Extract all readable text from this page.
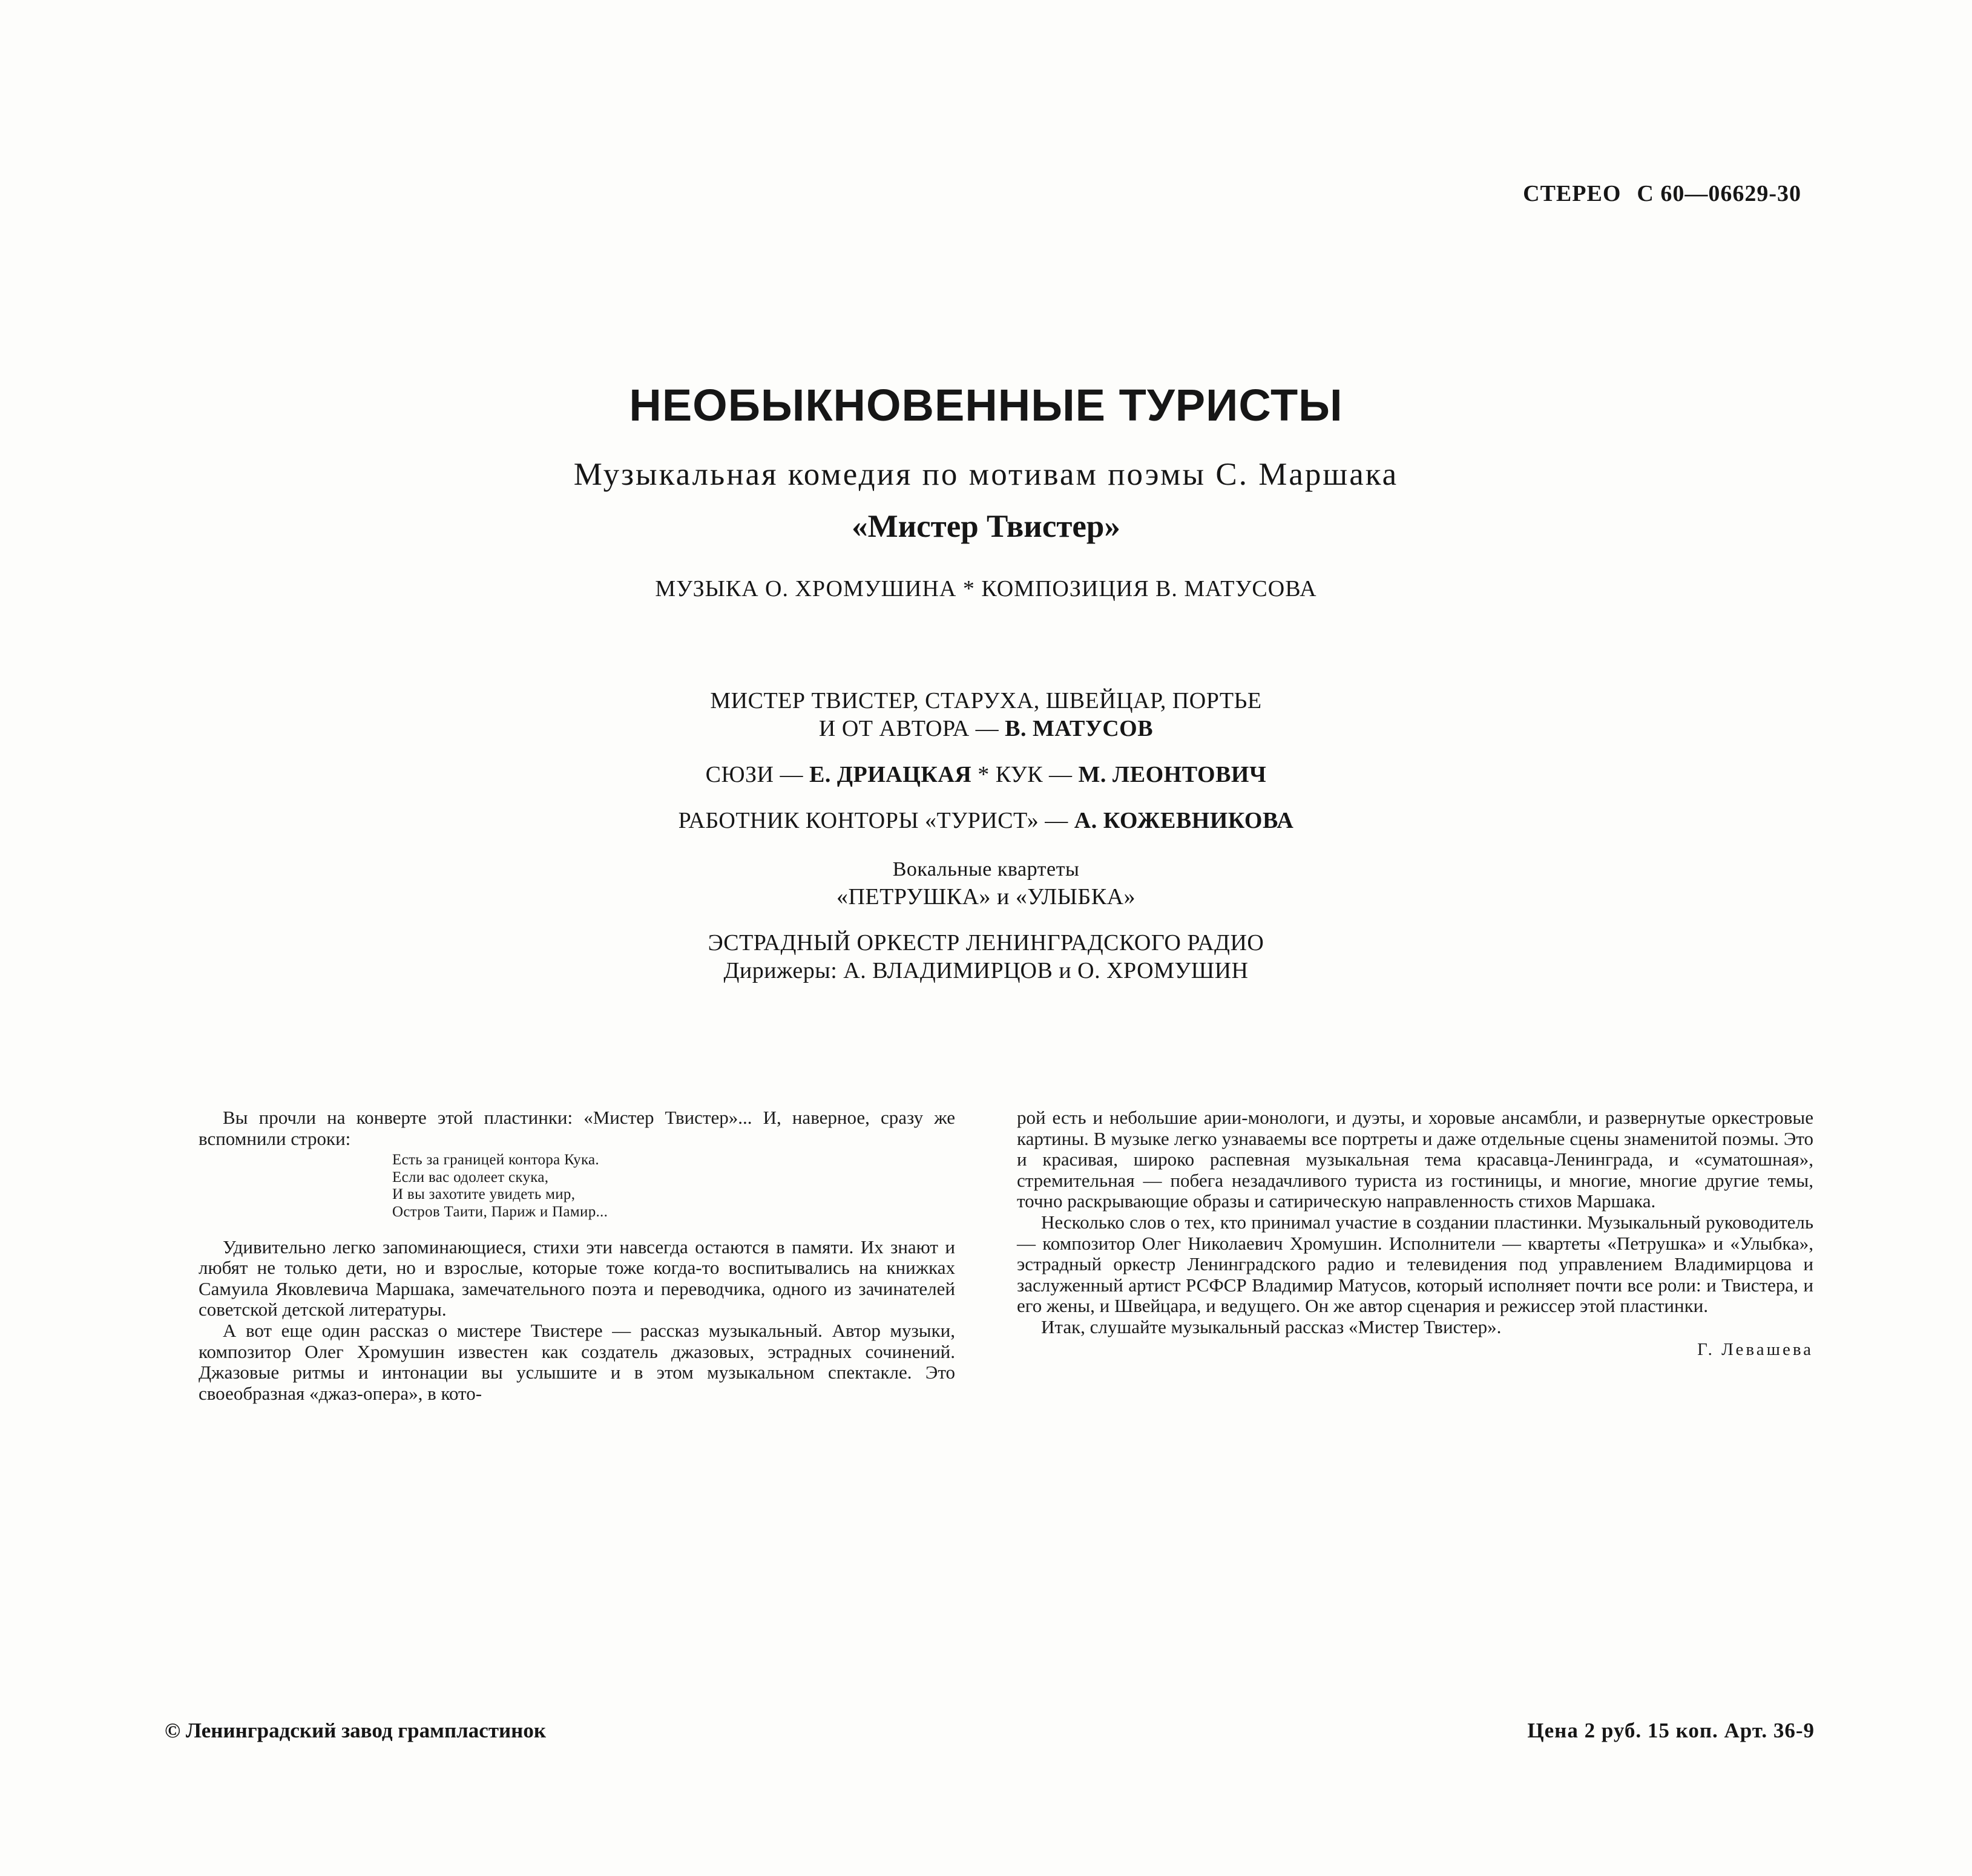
СТЕРЕО С 60—06629-30
НЕОБЫКНОВЕННЫЕ ТУРИСТЫ
Музыкальная комедия по мотивам поэмы С. Маршака
«Мистер Твистер»
МУЗЫКА О. ХРОМУШИНА * КОМПОЗИЦИЯ В. МАТУСОВА
МИСТЕР ТВИСТЕР, СТАРУХА, ШВЕЙЦАР, ПОРТЬЕ
И ОТ АВТОРА — В. МАТУСОВ
СЮЗИ — Е. ДРИАЦКАЯ * КУК — М. ЛЕОНТОВИЧ
РАБОТНИК КОНТОРЫ «ТУРИСТ» — А. КОЖЕВНИКОВА
Вокальные квартеты
«ПЕТРУШКА» и «УЛЫБКА»
ЭСТРАДНЫЙ ОРКЕСТР ЛЕНИНГРАДСКОГО РАДИО
Дирижеры: А. ВЛАДИМИРЦОВ и О. ХРОМУШИН

Вы прочли на конверте этой пластинки: «Мистер Твистер»... И, наверное, сразу же вспомнили строки:

Есть за границей контора Кука.
Если вас одолеет скука,
И вы захотите увидеть мир,
Остров Таити, Париж и Памир...

Удивительно легко запоминающиеся, стихи эти навсегда остаются в памяти. Их знают и любят не только дети, но и взрослые, которые тоже когда-то воспитывались на книжках Самуила Яковлевича Маршака, замечательного поэта и переводчика, одного из зачинателей советской детской литературы.

А вот еще один рассказ о мистере Твистере — рассказ музыкальный. Автор музыки, композитор Олег Хромушин известен как создатель джазовых, эстрадных сочинений. Джазовые ритмы и интонации вы услышите и в этом музыкальном спектакле. Это своеобразная «джаз-опера», в кото-

рой есть и небольшие арии-монологи, и дуэты, и хоровые ансамбли, и развернутые оркестровые картины. В музыке легко узнаваемы все портреты и даже отдельные сцены знаменитой поэмы. Это и красивая, широко распевная музыкальная тема красавца-Ленинграда, и «суматошная», стремительная — побега незадачливого туриста из гостиницы, и многие, многие другие темы, точно раскрывающие образы и сатирическую направленность стихов Маршака.

Несколько слов о тех, кто принимал участие в создании пластинки. Музыкальный руководитель — композитор Олег Николаевич Хромушин. Исполнители — квартеты «Петрушка» и «Улыбка», эстрадный оркестр Ленинградского радио и телевидения под управлением Владимирцова и заслуженный артист РСФСР Владимир Матусов, который исполняет почти все роли: и Твистера, и его жены, и Швейцара, и ведущего. Он же автор сценария и режиссер этой пластинки.

Итак, слушайте музыкальный рассказ «Мистер Твистер».

Г. Левашева
© Ленинградский завод грампластинок	Цена 2 руб. 15 коп. Арт. 36-9
